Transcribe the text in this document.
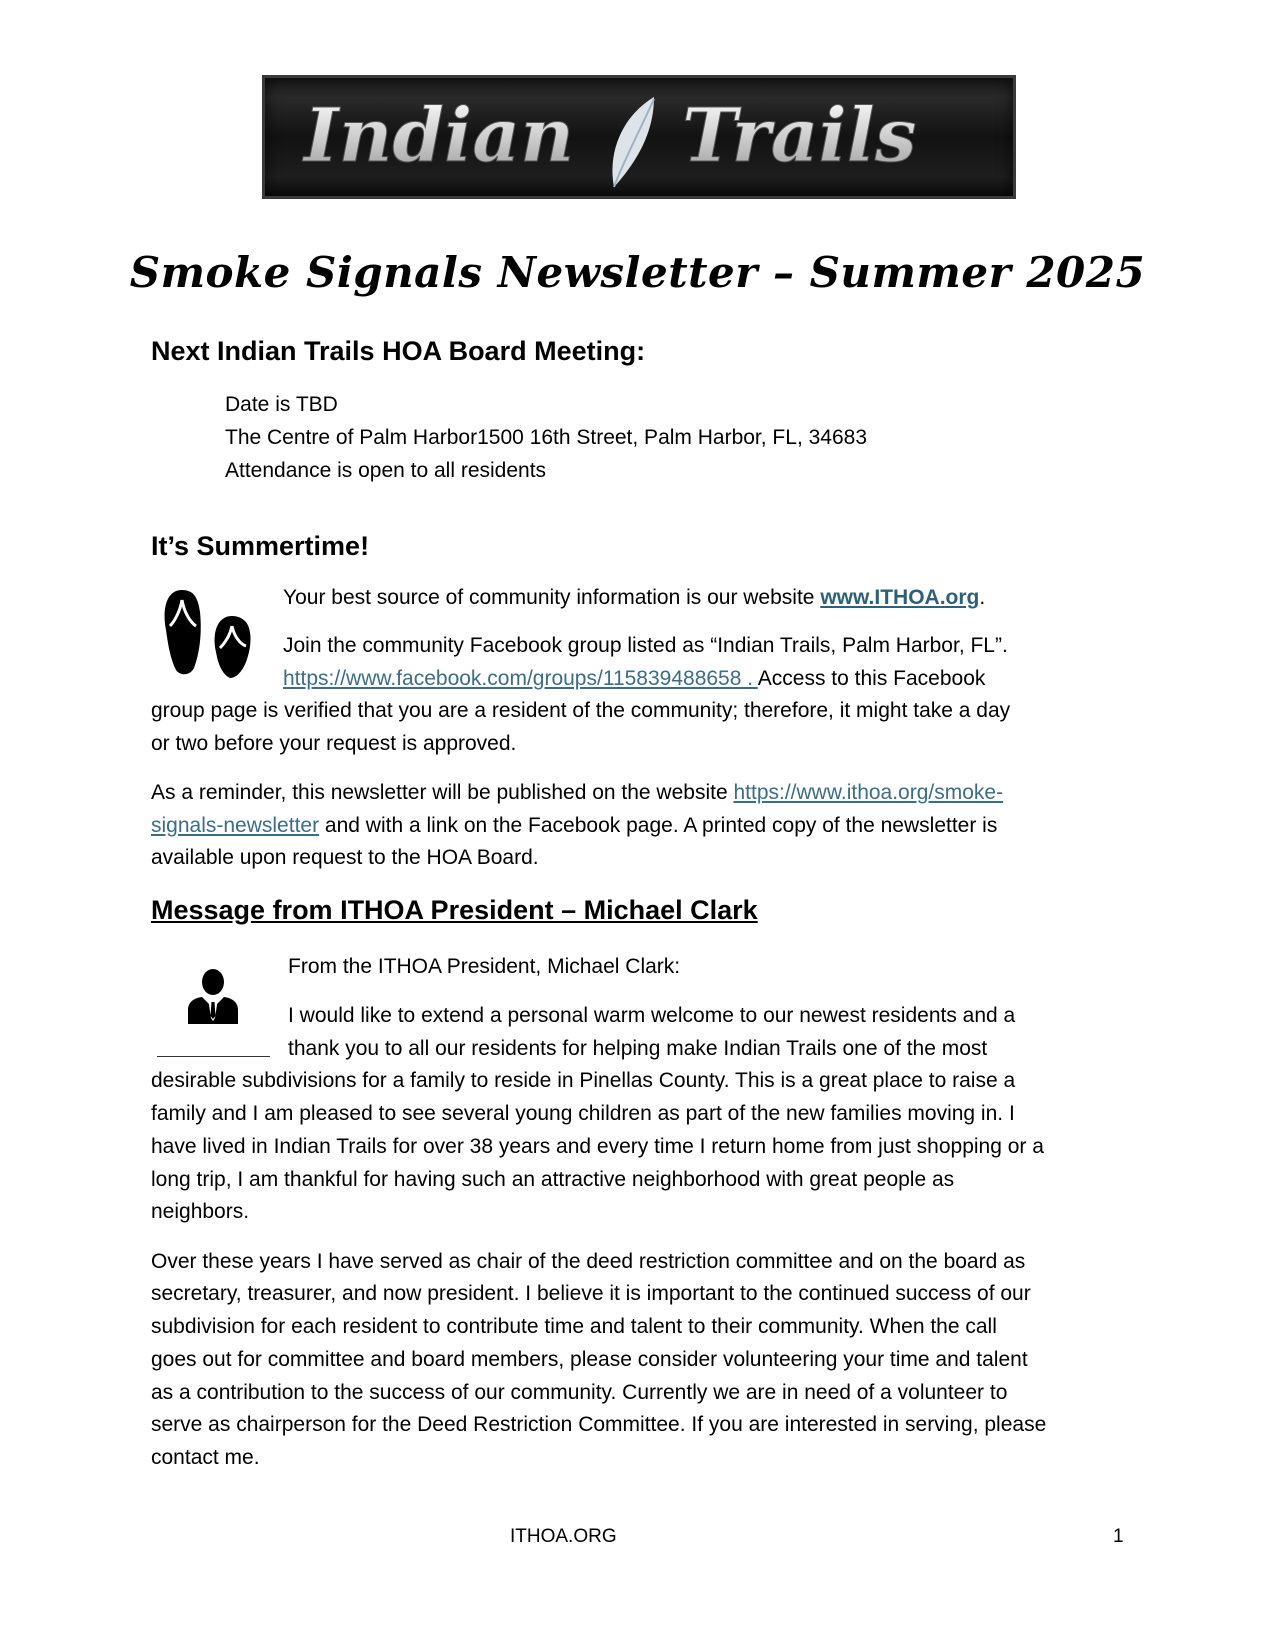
Indian Trails
Smoke Signals Newsletter – Summer 2025
Next Indian Trails HOA Board Meeting:
Date is TBD
The Centre of Palm Harbor1500 16th Street, Palm Harbor, FL, 34683
Attendance is open to all residents
It’s Summertime!
Your best source of community information is our website www.ITHOA.org.
Join the community Facebook group listed as “Indian Trails, Palm Harbor, FL”.
https://www.facebook.com/groups/115839488658 . Access to this Facebook
group page is verified that you are a resident of the community; therefore, it might take a day
or two before your request is approved.
As a reminder, this newsletter will be published on the website https://www.ithoa.org/smoke-
signals-newsletter and with a link on the Facebook page. A printed copy of the newsletter is
available upon request to the HOA Board.
Message from ITHOA President – Michael Clark
From the ITHOA President, Michael Clark:
I would like to extend a personal warm welcome to our newest residents and a
thank you to all our residents for helping make Indian Trails one of the most
desirable subdivisions for a family to reside in Pinellas County. This is a great place to raise a
family and I am pleased to see several young children as part of the new families moving in. I
have lived in Indian Trails for over 38 years and every time I return home from just shopping or a
long trip, I am thankful for having such an attractive neighborhood with great people as
neighbors.
Over these years I have served as chair of the deed restriction committee and on the board as
secretary, treasurer, and now president. I believe it is important to the continued success of our
subdivision for each resident to contribute time and talent to their community. When the call
goes out for committee and board members, please consider volunteering your time and talent
as a contribution to the success of our community. Currently we are in need of a volunteer to
serve as chairperson for the Deed Restriction Committee. If you are interested in serving, please
contact me.
ITHOA.ORG	1
